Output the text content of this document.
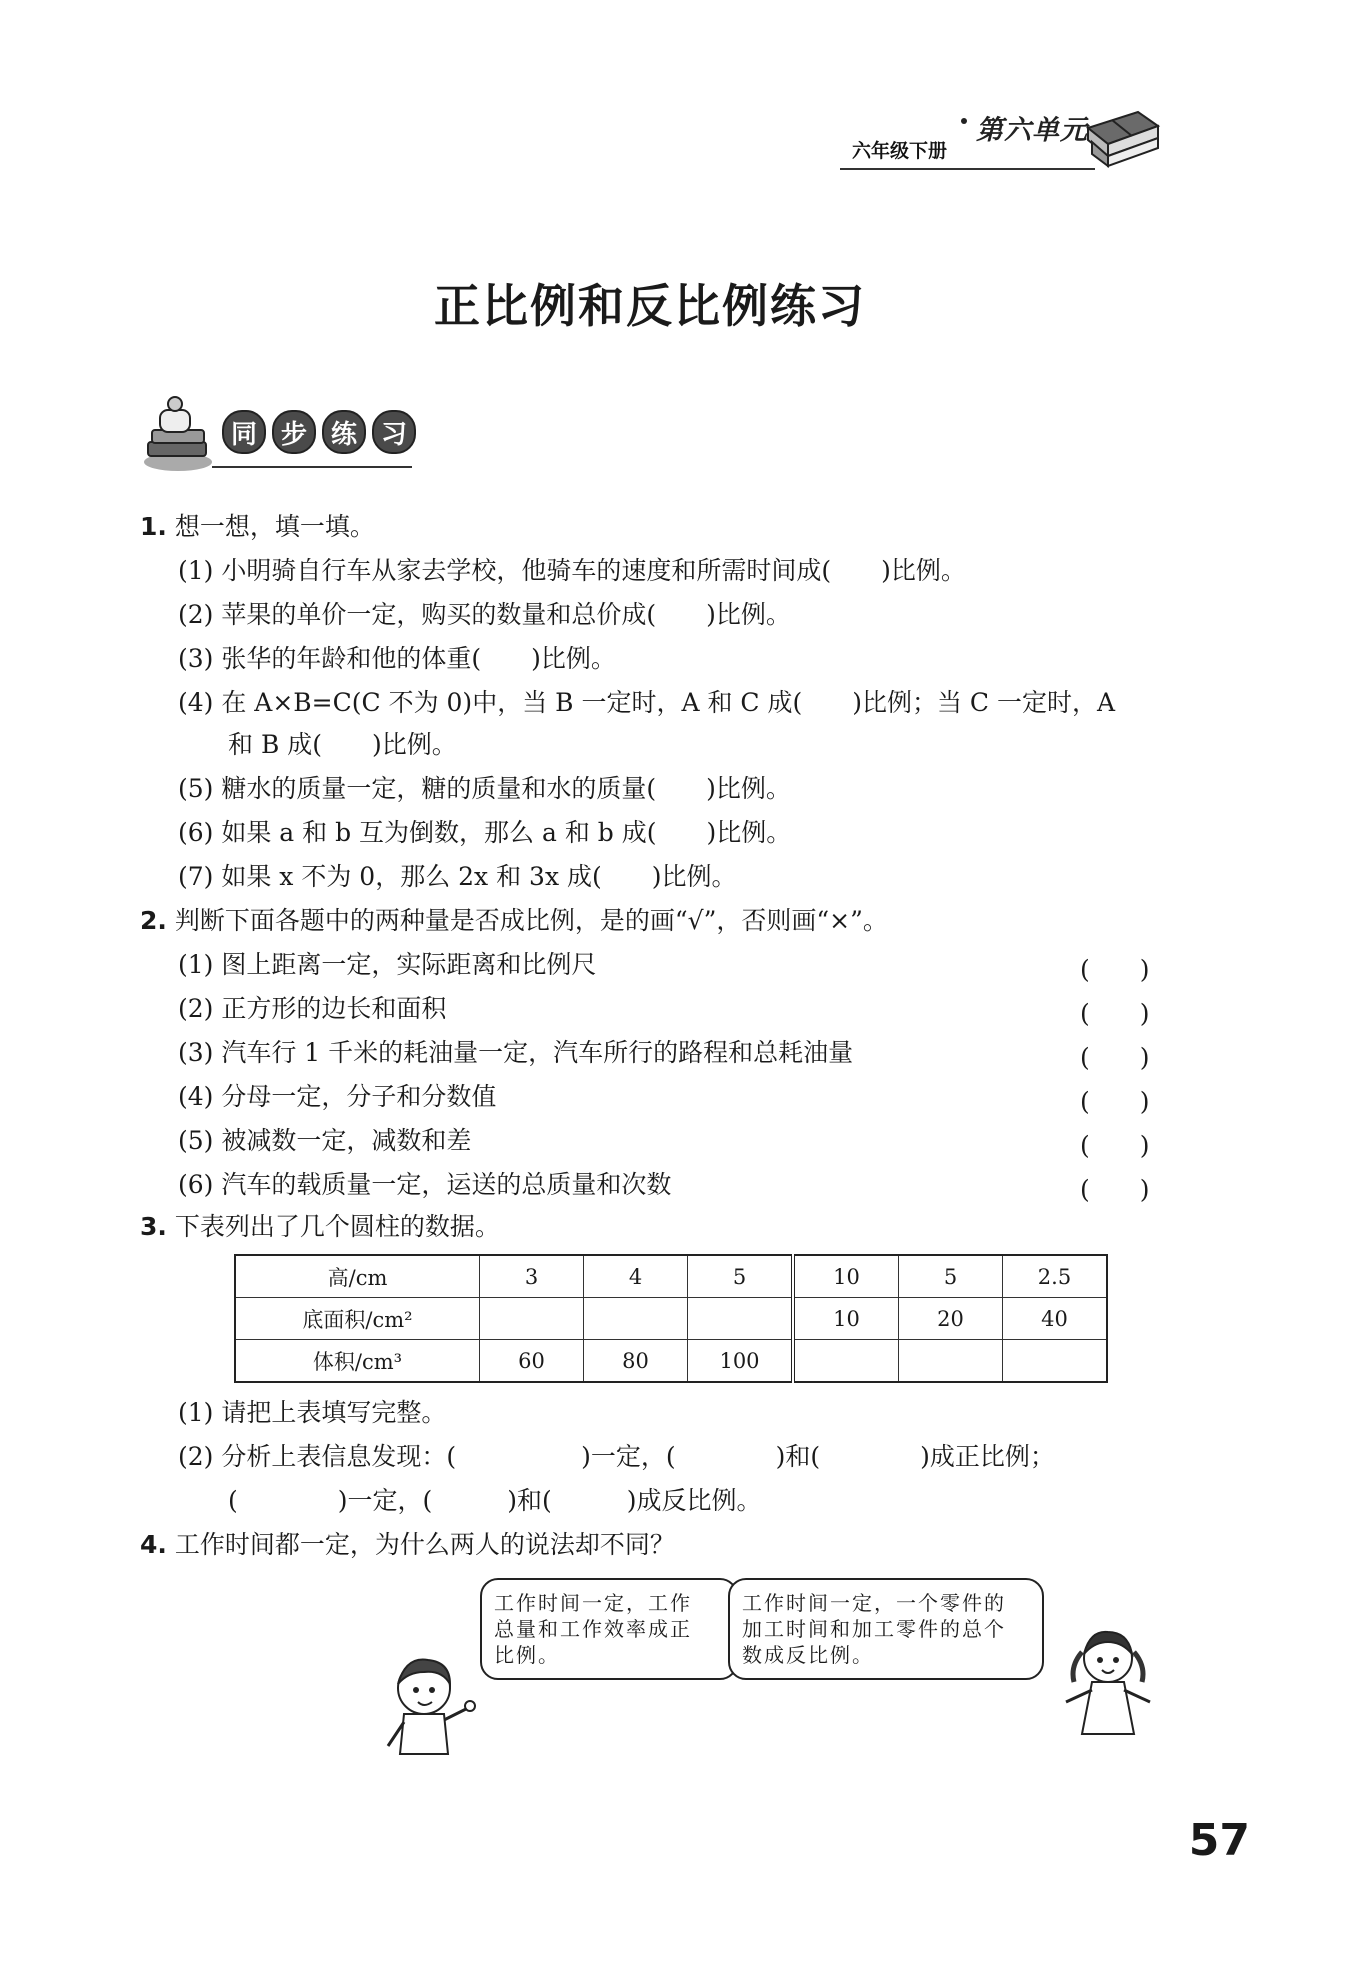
第六单元
六年级下册
正比例和反比例练习
同 步 练 习
1. 想一想，填一填。
(1) 小明骑自行车从家去学校，他骑车的速度和所需时间成(　　)比例。
(2) 苹果的单价一定，购买的数量和总价成(　　)比例。
(3) 张华的年龄和他的体重(　　)比例。
(4) 在 A×B=C(C 不为 0)中，当 B 一定时，A 和 C 成(　　)比例；当 C 一定时，A
和 B 成(　　)比例。
(5) 糖水的质量一定，糖的质量和水的质量(　　)比例。
(6) 如果 a 和 b 互为倒数，那么 a 和 b 成(　　)比例。
(7) 如果 x 不为 0，那么 2x 和 3x 成(　　)比例。
2. 判断下面各题中的两种量是否成比例，是的画“√”，否则画“×”。
(1) 图上距离一定，实际距离和比例尺	(　　)
(2) 正方形的边长和面积	(　　)
(3) 汽车行 1 千米的耗油量一定，汽车所行的路程和总耗油量	(　　)
(4) 分母一定，分子和分数值	(　　)
(5) 被减数一定，减数和差	(　　)
(6) 汽车的载质量一定，运送的总质量和次数	(　　)
3. 下表列出了几个圆柱的数据。
高/cm	3	4	5	10	5	2.5
底面积/cm²				10	20	40
体积/cm³	60	80	100			
(1) 请把上表填写完整。
(2) 分析上表信息发现：(　　　　　)一定，(　　　　)和(　　　　)成正比例；
(　　　　)一定，(　　　)和(　　　)成反比例。
4. 工作时间都一定，为什么两人的说法却不同？
工作时间一定，工作
总量和工作效率成正
比例。
工作时间一定，一个零件的
加工时间和加工零件的总个
数成反比例。
57
